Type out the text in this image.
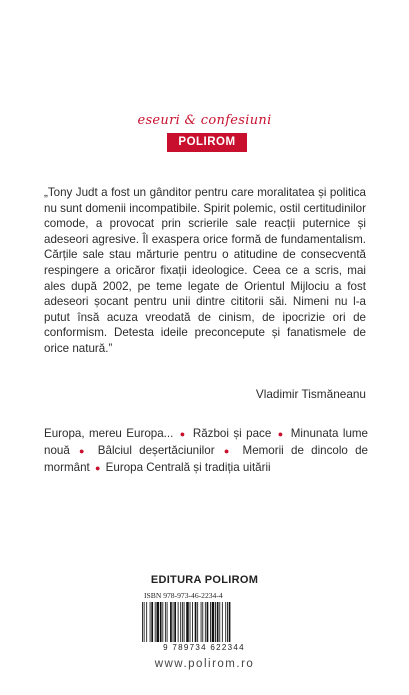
eseuri & confesiuni
POLIROM

„Tony Judt a fost un gânditor pentru care moralitatea și politica nu sunt domenii incompatibile. Spirit polemic, ostil certitudinilor comode, a provocat prin scrierile sale reacții puternice și adeseori agresive. Îl exaspera orice formă de fundamentalism. Cărțile sale stau mărturie pentru o atitudine de consecventă respingere a oricăror fixații ideologice. Ceea ce a scris, mai ales după 2002, pe teme legate de Orientul Mijlociu a fost adeseori șocant pentru unii dintre cititorii săi. Nimeni nu l-a putut însă acuza vreodată de cinism, de ipocrizie ori de conformism. Detesta ideile preconcepute și fanatismele de orice natură.”

Vladimir Tismăneanu
Europa, mereu Europa... ● Război și pace ● Minunata lume nouă ● Bâlciul deșertăciunilor ● Memorii de dincolo de mormânt ● Europa Centrală și tradiția uitării
EDITURA POLIROM
ISBN 978-973-46-2234-4
9 789734 622344
www.polirom.ro
